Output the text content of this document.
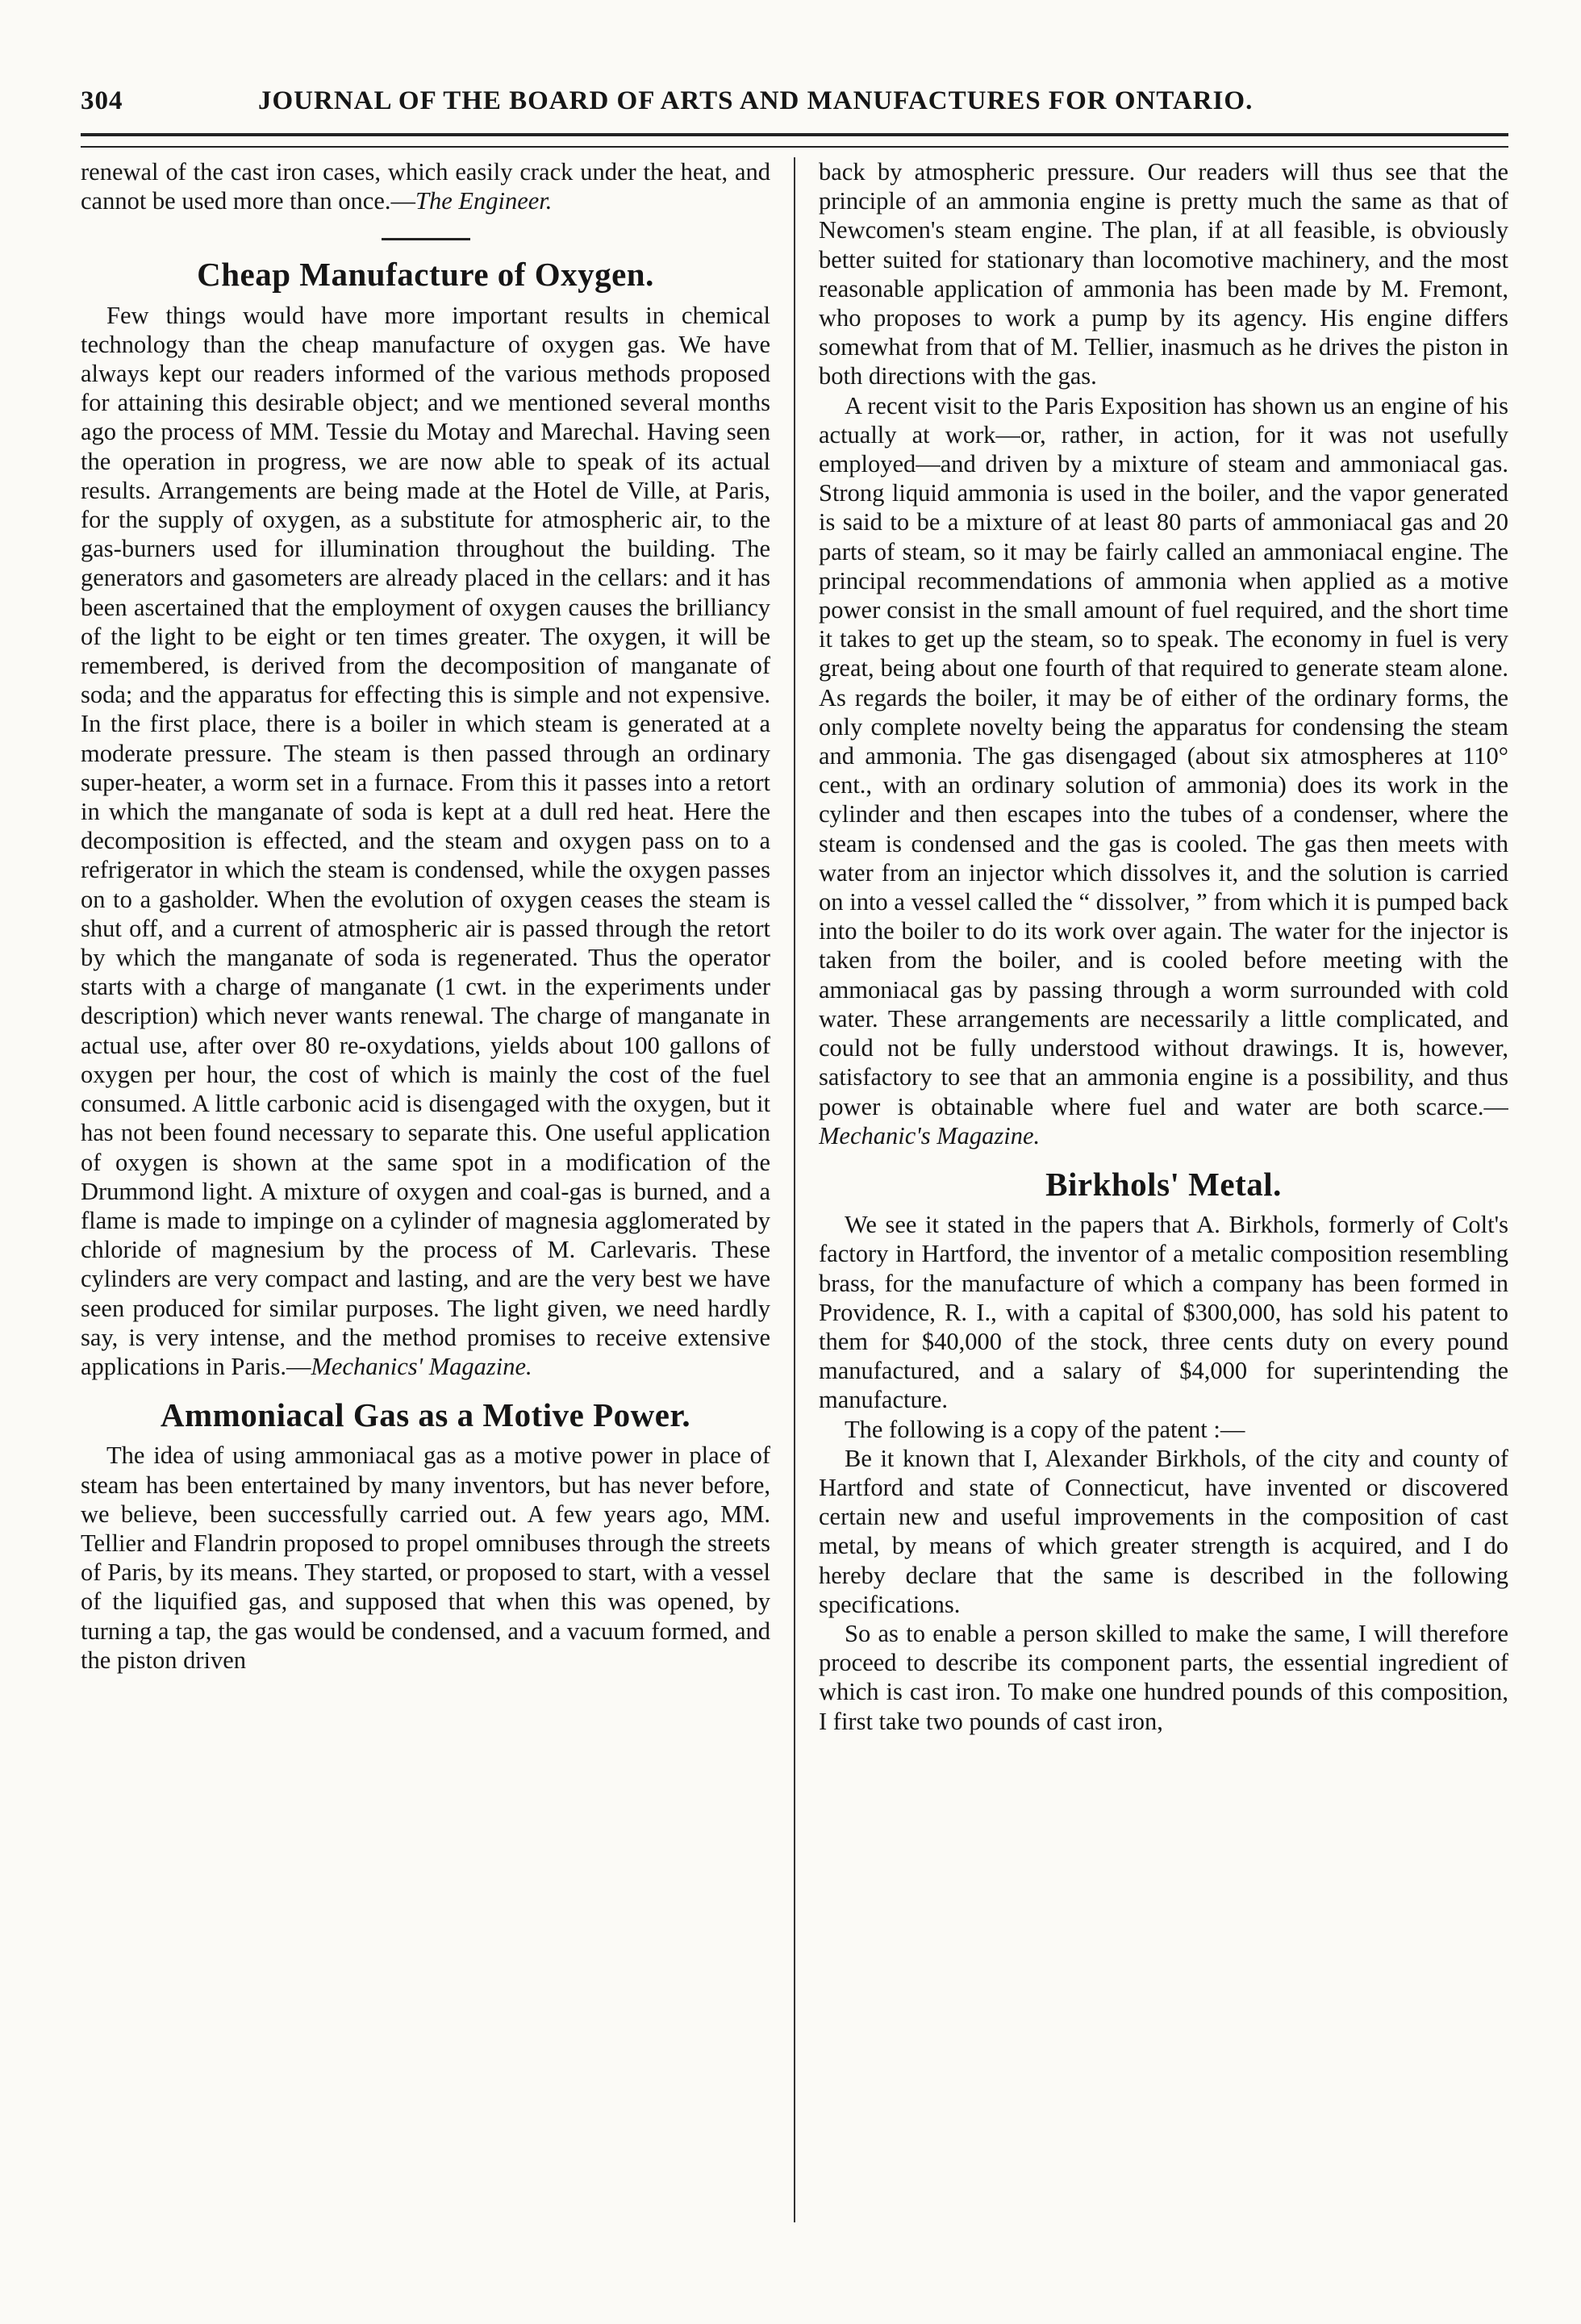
304	JOURNAL OF THE BOARD OF ARTS AND MANUFACTURES FOR ONTARIO.

renewal of the cast iron cases, which easily crack under the heat, and cannot be used more than once.—The Engineer.

Cheap Manufacture of Oxygen.

Few things would have more important results in chemical technology than the cheap manufacture of oxygen gas. We have always kept our readers informed of the various methods proposed for attaining this desirable object; and we mentioned several months ago the process of MM. Tessie du Motay and Marechal. Having seen the operation in progress, we are now able to speak of its actual results. Arrangements are being made at the Hotel de Ville, at Paris, for the supply of oxygen, as a substitute for atmospheric air, to the gas-burners used for illumination throughout the building. The generators and gasometers are already placed in the cellars: and it has been ascertained that the employment of oxygen causes the brilliancy of the light to be eight or ten times greater. The oxygen, it will be remembered, is derived from the decomposition of manganate of soda; and the apparatus for effecting this is simple and not expensive. In the first place, there is a boiler in which steam is generated at a moderate pressure. The steam is then passed through an ordinary super-heater, a worm set in a furnace. From this it passes into a retort in which the manganate of soda is kept at a dull red heat. Here the decomposition is effected, and the steam and oxygen pass on to a refrigerator in which the steam is condensed, while the oxygen passes on to a gasholder. When the evolution of oxygen ceases the steam is shut off, and a current of atmospheric air is passed through the retort by which the manganate of soda is regenerated. Thus the operator starts with a charge of manganate (1 cwt. in the experiments under description) which never wants renewal. The charge of manganate in actual use, after over 80 re-oxydations, yields about 100 gallons of oxygen per hour, the cost of which is mainly the cost of the fuel consumed. A little carbonic acid is disengaged with the oxygen, but it has not been found necessary to separate this. One useful application of oxygen is shown at the same spot in a modification of the Drummond light. A mixture of oxygen and coal-gas is burned, and a flame is made to impinge on a cylinder of magnesia agglomerated by chloride of magnesium by the process of M. Carlevaris. These cylinders are very compact and lasting, and are the very best we have seen produced for similar purposes. The light given, we need hardly say, is very intense, and the method promises to receive extensive applications in Paris.—Mechanics' Magazine.

Ammoniacal Gas as a Motive Power.

The idea of using ammoniacal gas as a motive power in place of steam has been entertained by many inventors, but has never before, we believe, been successfully carried out. A few years ago, MM. Tellier and Flandrin proposed to propel omnibuses through the streets of Paris, by its means. They started, or proposed to start, with a vessel of the liquified gas, and supposed that when this was opened, by turning a tap, the gas would be condensed, and a vacuum formed, and the piston driven

back by atmospheric pressure. Our readers will thus see that the principle of an ammonia engine is pretty much the same as that of Newcomen's steam engine. The plan, if at all feasible, is obviously better suited for stationary than locomotive machinery, and the most reasonable application of ammonia has been made by M. Fremont, who proposes to work a pump by its agency. His engine differs somewhat from that of M. Tellier, inasmuch as he drives the piston in both directions with the gas.

A recent visit to the Paris Exposition has shown us an engine of his actually at work—or, rather, in action, for it was not usefully employed—and driven by a mixture of steam and ammoniacal gas. Strong liquid ammonia is used in the boiler, and the vapor generated is said to be a mixture of at least 80 parts of ammoniacal gas and 20 parts of steam, so it may be fairly called an ammoniacal engine. The principal recommendations of ammonia when applied as a motive power consist in the small amount of fuel required, and the short time it takes to get up the steam, so to speak. The economy in fuel is very great, being about one fourth of that required to generate steam alone. As regards the boiler, it may be of either of the ordinary forms, the only complete novelty being the apparatus for condensing the steam and ammonia. The gas disengaged (about six atmospheres at 110° cent., with an ordinary solution of ammonia) does its work in the cylinder and then escapes into the tubes of a condenser, where the steam is condensed and the gas is cooled. The gas then meets with water from an injector which dissolves it, and the solution is carried on into a vessel called the “ dissolver, ” from which it is pumped back into the boiler to do its work over again. The water for the injector is taken from the boiler, and is cooled before meeting with the ammoniacal gas by passing through a worm surrounded with cold water. These arrangements are necessarily a little complicated, and could not be fully understood without drawings. It is, however, satisfactory to see that an ammonia engine is a possibility, and thus power is obtainable where fuel and water are both scarce.—Mechanic's Magazine.

Birkhols' Metal.

We see it stated in the papers that A. Birkhols, formerly of Colt's factory in Hartford, the inventor of a metalic composition resembling brass, for the manufacture of which a company has been formed in Providence, R. I., with a capital of $300,000, has sold his patent to them for $40,000 of the stock, three cents duty on every pound manufactured, and a salary of $4,000 for superintending the manufacture.

The following is a copy of the patent :—

Be it known that I, Alexander Birkhols, of the city and county of Hartford and state of Connecticut, have invented or discovered certain new and useful improvements in the composition of cast metal, by means of which greater strength is acquired, and I do hereby declare that the same is described in the following specifications.

So as to enable a person skilled to make the same, I will therefore proceed to describe its component parts, the essential ingredient of which is cast iron. To make one hundred pounds of this composition, I first take two pounds of cast iron,
